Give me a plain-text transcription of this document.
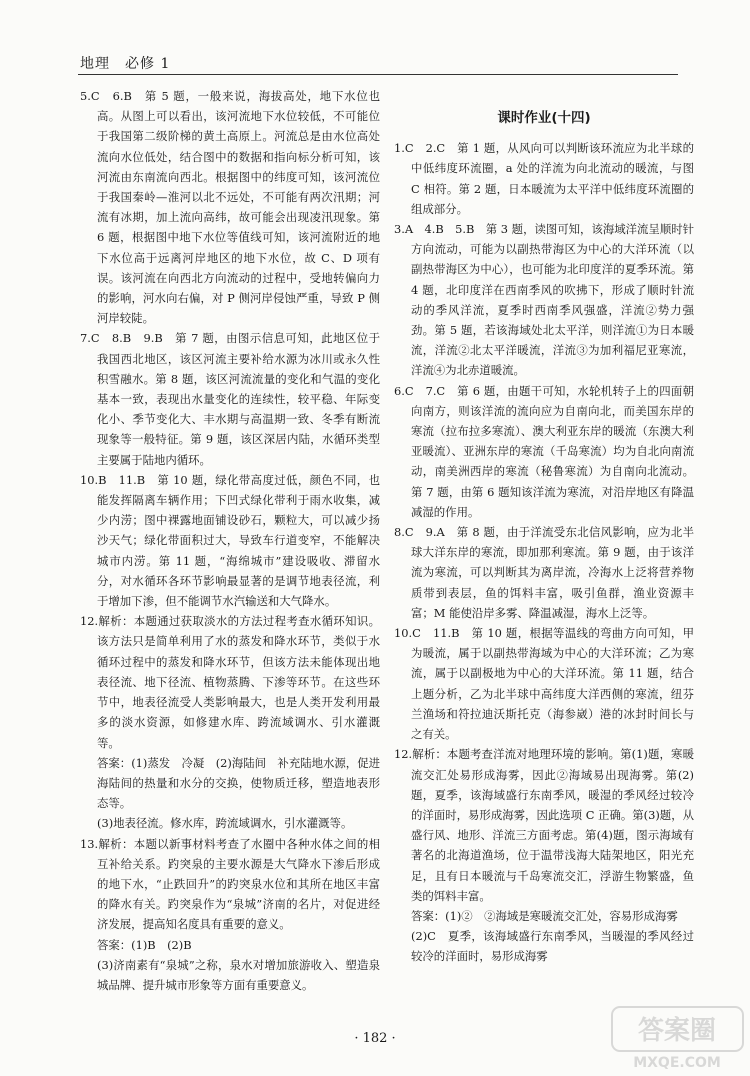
地理　必修 1

5.C　6.B　第 5 题，一般来说，海拔高处，地下水位也高。从图上可以看出，该河流地下水位较低，不可能位于我国第二级阶梯的黄土高原上。河流总是由水位高处流向水位低处，结合图中的数据和指向标分析可知，该河流由东南流向西北。根据图中的纬度可知，该河流位于我国秦岭—淮河以北不远处，不可能有两次汛期；河流有冰期，加上流向高纬，故可能会出现凌汛现象。第 6 题，根据图中地下水位等值线可知，该河流附近的地下水位高于远离河岸地区的地下水位，故 C、D 项有误。该河流在向西北方向流动的过程中，受地转偏向力的影响，河水向右偏，对 P 侧河岸侵蚀严重，导致 P 侧河岸较陡。

7.C　8.B　9.B　第 7 题，由图示信息可知，此地区位于我国西北地区，该区河流主要补给水源为冰川或永久性积雪融水。第 8 题，该区河流流量的变化和气温的变化基本一致，表现出水量变化的连续性，较平稳、年际变化小、季节变化大、丰水期与高温期一致、冬季有断流现象等一般特征。第 9 题，该区深居内陆，水循环类型主要属于陆地内循环。

10.B　11.B　第 10 题，绿化带高度过低，颜色不同，也能发挥隔离车辆作用；下凹式绿化带利于雨水收集，减少内涝；图中裸露地面铺设砂石，颗粒大，可以减少扬沙天气；绿化带面积过大，导致车行道变窄，不能解决城市内涝。第 11 题，“海绵城市”建设吸收、滞留水分，对水循环各环节影响最显著的是调节地表径流，利于增加下渗，但不能调节水汽输送和大气降水。

12.解析：本题通过获取淡水的方法过程考查水循环知识。该方法只是简单利用了水的蒸发和降水环节，类似于水循环过程中的蒸发和降水环节，但该方法未能体现出地表径流、地下径流、植物蒸腾、下渗等环节。在这些环节中，地表径流受人类影响最大，也是人类开发利用最多的淡水资源，如修建水库、跨流域调水、引水灌溉等。

答案：(1)蒸发　冷凝　(2)海陆间　补充陆地水源，促进海陆间的热量和水分的交换，使物质迁移，塑造地表形态等。

(3)地表径流。修水库，跨流域调水，引水灌溉等。

13.解析：本题以新事材料考查了水圈中各种水体之间的相互补给关系。趵突泉的主要水源是大气降水下渗后形成的地下水，“止跌回升”的趵突泉水位和其所在地区丰富的降水有关。趵突泉作为“泉城”济南的名片，对促进经济发展，提高知名度具有重要的意义。

答案：(1)B　(2)B

(3)济南素有“泉城”之称，泉水对增加旅游收入、塑造泉城品牌、提升城市形象等方面有重要意义。

课时作业(十四)

1.C　2.C　第 1 题，从风向可以判断该环流应为北半球的中低纬度环流圈，a 处的洋流为向北流动的暖流，与图 C 相符。第 2 题，日本暖流为太平洋中低纬度环流圈的组成部分。

3.A　4.B　5.B　第 3 题，读图可知，该海域洋流呈顺时针方向流动，可能为以副热带海区为中心的大洋环流（以副热带海区为中心），也可能为北印度洋的夏季环流。第 4 题，北印度洋在西南季风的吹拂下，形成了顺时针流动的季风洋流，夏季时西南季风强盛，洋流②势力强劲。第 5 题，若该海域处北太平洋，则洋流①为日本暖流，洋流②北太平洋暖流，洋流③为加利福尼亚寒流，洋流④为北赤道暖流。

6.C　7.C　第 6 题，由题干可知，水轮机转子上的四面朝向南方，则该洋流的流向应为自南向北，而美国东岸的寒流（拉布拉多寒流）、澳大利亚东岸的暖流（东澳大利亚暖流）、亚洲东岸的寒流（千岛寒流）均为自北向南流动，南美洲西岸的寒流（秘鲁寒流）为自南向北流动。第 7 题，由第 6 题知该洋流为寒流，对沿岸地区有降温减湿的作用。

8.C　9.A　第 8 题，由于洋流受东北信风影响，应为北半球大洋东岸的寒流，即加那利寒流。第 9 题，由于该洋流为寒流，可以判断其为离岸流，冷海水上泛将营养物质带到表层，鱼的饵料丰富，吸引鱼群，渔业资源丰富；M 能使沿岸多雾、降温减湿，海水上泛等。

10.C　11.B　第 10 题，根据等温线的弯曲方向可知，甲为暖流，属于以副热带海域为中心的大洋环流；乙为寒流，属于以副极地为中心的大洋环流。第 11 题，结合上题分析，乙为北半球中高纬度大洋西侧的寒流，纽芬兰渔场和符拉迪沃斯托克（海参崴）港的冰封时间长与之有关。

12.解析：本题考查洋流对地理环境的影响。第(1)题，寒暖流交汇处易形成海雾，因此②海域易出现海雾。第(2)题，夏季，该海域盛行东南季风，暖湿的季风经过较冷的洋面时，易形成海雾，因此选项 C 正确。第(3)题，从盛行风、地形、洋流三方面考虑。第(4)题，图示海域有著名的北海道渔场，位于温带浅海大陆架地区，阳光充足，且有日本暖流与千岛寒流交汇，浮游生物繁盛，鱼类的饵料丰富。

答案：(1)②　②海域是寒暖流交汇处，容易形成海雾

(2)C　夏季，该海域盛行东南季风，当暖湿的季风经过较冷的洋面时，易形成海雾

· 182 ·	答案圈
MXQE.COM
